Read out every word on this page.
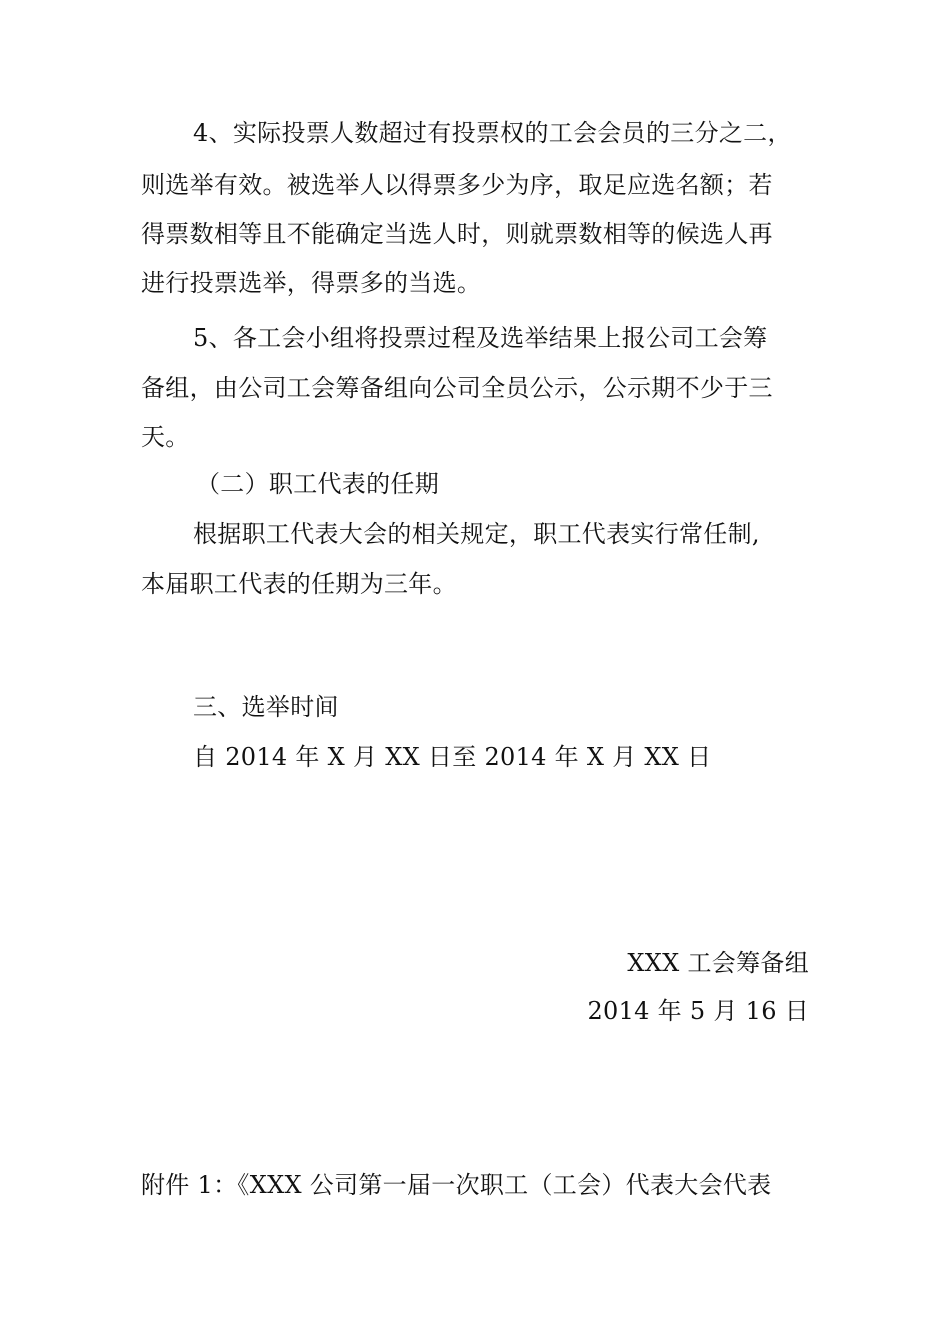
4、实际投票人数超过有投票权的工会会员的三分之二，
则选举有效。被选举人以得票多少为序，取足应选名额；若
得票数相等且不能确定当选人时，则就票数相等的候选人再
进行投票选举，得票多的当选。
5、各工会小组将投票过程及选举结果上报公司工会筹
备组，由公司工会筹备组向公司全员公示，公示期不少于三
天。
（二）职工代表的任期
根据职工代表大会的相关规定，职工代表实行常任制,
本届职工代表的任期为三年。
三、选举时间
自 2014 年 X 月 XX 日至 2014 年 X 月 XX 日
XXX 工会筹备组
2014 年 5 月 16 日
附件 1：《XXX 公司第一届一次职工（工会）代表大会代表
